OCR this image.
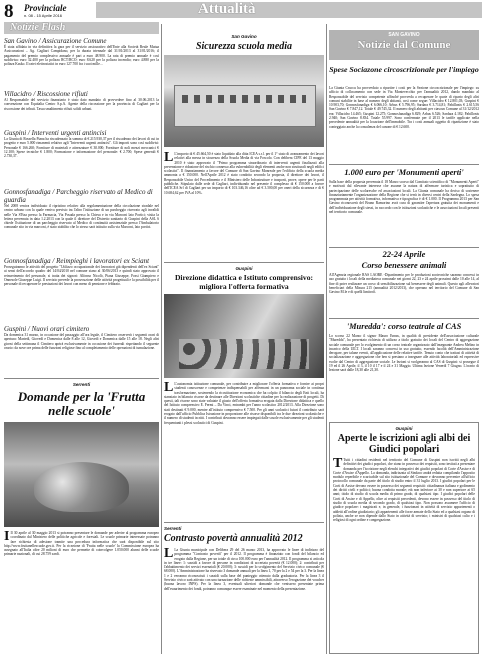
8 Provinciale
n. 08 - 15 Aprile 2016	Attualità
Notizie Flash
San Gavino / Assicurazione Comune
È stata affidata in via definitiva la gara per il servizio assicurativo dell'Ente alla Società Reale Mutua Assicurazioni – Ag. Cagliari Campidano, per la durata triennale dal 31/01/2013 al 31/01/2016; il pagamento del premio complessivo annuale è pari a euro 48.900. La rata di premio annuale è così suddivisa: euro 32.400 per la polizza RCT/RCO; euro 8.620 per la polizza incendio; euro 4.880 per la polizza Kasko. Il ratei elettrostatici in euro 127.700 fra i suoi mille...
Villacidro / Riscossione rifiuti
Al Responsabile del servizio finanziario è stato dato mandato di provvedere fino al 30.06.2013 la convenzione con Equitalia Centro S.p.A. Agente della riscossione per la provincia di Cagliari per la riscossione dei tributi. Tassa smaltimento rifiuti solidi urbani.
Guspini / Interventi urgenti antincisi
La Giunta di Rossella Piana ha riscadenzato la somma di € 215.930,37 per il riscadenzo dei lavori di cui in progetto e euro 5.000 rimanenti relativo agli "Interventi urgenti antincisi". Gli importi sono così suddivisi: Personale € 166.260; Forniture di materiali e attrezzature € 30.000; Forniture di noli mezzi meccanici € 12.100; Spese tecniche € 1.800; Formazione e informazione del personale: € 2.700; Spese generali € 2.730,37.
Gonnosfanadiga / Parcheggio riservato al Medico di guardia
Nel 2008 veniva individuato il ripristino relativo alla regolamentazione della circolazione stradale nel centro urbano con la quale veniva previsto tra l'altro l'istituzione di un parcheggio riservato agli invalidi nelle Via S'Ena presso la Farmacia, Via Posada presso la Chiesa e in via Marconi lato Portici; visita la lettera pervenuta in data 1.2.2013 con la quale il direttore del Distretto sanitario di Guspini della ASL 6 chiede l'istituzione di un parcheggio riservato al Medico di continuità assistenziale presso l'Ambulatorio comunale sito in via marconi, è stato stabilito che lo stesso sarà istituito sulla via Marconi, lato portici.
Gonnosfanadiga / Reimpieghi i lavoratori ex Sciant
Proseguiranno le attività del progetto "Utilizzo occupazionale dei lavoratori già dipendenti dell'ex Sciant" ai sensi dell'accordo quadro del 14/04/2010 nel comune siano al 30/06/2013 e quindi stato approvato il reinserimento del personale, si tratta dei signori: Alfonso Nicolò, Piana Giuseppe, Fossi Giampiero e Onnesole Giuseppe Luigi. Il servizio prevede la prosecuzione delle attività progettuali e la possibilità per il personale di recuperare le prestazioni dei lavori con meno di pensione e febbraio.
Guspini / Nuovi orari cimitero
Da domenica 31 marzo, in occasione del passaggio all'ora legale, il Cimitero osserverà i seguenti orari di apertura: Martedì, Giovedì e Domenica dalle 8 alle 12, Giovedì e Domenica dalle 15 alle 18. Negli altri giorni della settimana il Cimitero aprirà esclusivamente in occasione dei funerali rispettando il seguente orario: da nove ore prima delle funzioni religiose fino al completamento delle operazioni di tumulazione.
Serrenti
Domande per la 'Frutta nelle scuole'
I Il 30 aprile al 30 maggio 2013 si potranno presentare le domande per aderire al programma europeo coordinato dal Ministero delle politiche agricole e forestali. Le scuole primarie interessate potranno fare richiesta di adesione tramite una procedura informatica che sarà disponibile sul sito http://www.fruttanellescuole.gov.it. Per la ricezione di 'Frutta nelle scuole' la Commissione europea ha assegnato all'Italia oltre 20 milioni di euro che permette di coinvolgere 1.050.000 alunni delle scuole primarie nazionali, di cui 28.759 sardi.
San Gavino
Sicurezza scuola media
L L'importo di € 45.664,50 è stato liquidato alla ditta ICEA s.r.l. per il 1° stato di avanzamento dei lavori relativi alla messa in sicurezza della Scuola Media di via Foscolo. Con delibera CIPE del 13 maggio 2010 è stato approvato il "Primo programma straordinario di interventi urgenti finalizzati alla prevenzione e riduzione del rischio connesso alla vulnerabilità degli elementi anche non strutturali negli edifici scolastici". Il finanziamento a favore del Comune di San Gavino Monreale per l'edificio della scuola media ammonta a € 150.000. Nell'Aprile 2012 è stato condotto secondo la proposta, il direttore dei lavori, il Responsabile Unico del Procedimento e il Ministero delle Infrastrutture e trasporti, prove, opere per le parti pubbliche. Stipulato dalle sede di Cagliari, individuando nel presente il complesso di € 150.000 a favore dell'ICEA Srl di Cagliari per un importo di € 103.346,16 oltre ad € 3.500,00 per oneri della sicurezza e di € 10.684,62 per IVA al 10%.
Guspini
Direzione didattica e Istituto comprensivo: migliora l'offerta formativa
L L'autonomia istituzione comunale, per contribuire a migliorare l'offerta formativa e fornire ai propri studenti conoscenze e competenze indispensabili per affermarsi in un panorama sociale in continua trasformazione, sostenendo la ricostituzione economica che ha colpito il bilancio degli Enti locali, ha stanziato in bilancio risorse da destinare alle Direzioni scolastiche cittadine per la realizzazione di progetti. Di questi, tali risorse sono state valutate il giusto dell'offerta formativa erogata dalla Direzione didattica e quello del Istituto comprensivo E. Fermi – Da Vinci, entrambi per l'anno scolastico 2012/2013. Alla Direzione sono stati destinati € 9.000, mentre all'istituto comprensivo € 7.500. Per gli anni scolastici futuri il contributo sarà erogato dall'ufficio Pubblica Istruzione in proporzione alle risorse disponibili tra le due direzioni scolastiche e il numero di studenti iscritti. I contributi dovranno essere impiegati dalle scuole esclusivamente per gli studenti frequentanti i plessi scolastici di Guspini.
Serrenti
Contrasto povertà annualità 2012
L La Giunta municipale con Delibera 29 del 26 marzo 2013, ha approvato le linee di indirizzo del programma "Contrasto povertà" per il 2012. Il programma è finanziato con fondi del bilancio ed erogato dalla Regione, per un totale di circa 100.000 euro per l'annualità 2012. Il programma si articola in tre linee: 1: sussidi a favore di persone in condizioni di accertata povertà (€ 12.000); 2: contributi per l'abbattimento dei servizi essenziali (€ 20.000); 3: sussidi per lo svolgimento del Servizio civico comunale (€ 68.000). L'Amministrazione ha riservato 3 domande annuali per la linea 1, 70 per la 2 e 54 per la 3. Per la linea 1 e 2 verranno riconosciuti i sussidi sulla base del punteggio ottenuto dalla graduatoria. Per la linea 3 il Servizio civico sarà attivato con una turnazione delle richieste ammissibili, attraverso l'erogazione dei voucher (buona lavoro INPS). Per la linea 3, eventuali ulteriori domande che venissero presentate prima dell'esaurimento dei fondi, potranno comunque essere esaminate nel momento della presentazione.
SAN GAVINO
Notizie dal Comune
Spese Sociazone circoscrizionale per l'impiego
La Giunta Cruccu ha provveduto a ripartire i costi per la Sezione circoscrizionale per l'impiego: su ufficio di collocamento con sede in Via Montevecchio per l'annualità 2012, dando mandato al Responsabile del servizio competente affinché provveda a recuperare le quote di riparto degli altri comuni stabilite in base al numero degli abitanti, così come segue: Villacidro € 12.801,03; Guspini € 10.903,70; Gonnosfanadiga € 6.066,10; Arbus € 5.796,95; Sardara € 3.714,81; Pabillonis € 2.615,56 San Gavino € 7.847,12. Totale € 49.745,32. Il numero degli abitanti per ciascun Comune al 31/12/2012 era: Villacidro 14.465; Guspini 12.275; Gonnosfanadiga 6.829; Arbus 6.526; Sardara 4.182; Pabillonis 2.940; San Gavino 8.834. Totale 55.997. Sono confermate per il 2013 le tariffe applicate nella precedente annualità per la locazione dell'immobile. Tra i costi annuali oggetto di ripartizione è stato conteggiato anche la consulenza del canone di € 12.600.
1.000 euro per 'Monumenti aperti'
Sulla base della proposta pervenuta il 18 Marzo scorso dal Comitato scientifico di "Monumenti Aperti" e motivati dal rilevante interesse che assume la natura di affermare turistica e soprattutto di partecipazione delle scolaresche ed associazioni locali. La Giunta comunale ha deciso di sostenere finanziariamente l'organizzazione della Regione che si terrà in diversi centri della Sardegna. Lo spesa programmata per attività formativa, informativa e tipografica è di € 1.000. Il Programma 2013 per San Gavino riconoscerà del Bruno Ramorino avrà cura di garantire l'apertura gratuita dei monumenti e dell'individuazione degli stessi, in raccordo con le istituzioni scolastiche e le associazioni locali presenti nel territorio comunale.
22-24 Aprile
Corso benessere animali
All'Agenzia regionale RAS LAORE -Dipartimento per le produzioni zootecniche saranno concessi in uso gratuito i locali della mediateca comunale nei giorni 22, 23 e 24 aprile prossimi dalle 10 alle 14, al fine di poter realizzare un corso di sensibilizzazione sul benessere degli animali. Questo agli allevatori beneficiari della Misura 215 (annualità 2012/2013), che operano nel territorio del Comune di San Gavino M.le e di quelli limitrofi.
'Muredda': corso teatrale al CAS
Lo scorso 22 Marzo il signor Mauro Ennas, in qualità di presidente dell'associazione culturale "Muredda", ha presentato richiesta di utilizzo a titolo gratuito dei locali del Centro di aggregazione sociale comunale per lo svolgimento di un corso teatrale organizzato dall'insegnante Andrea Melino in incarico della UILT. I locali saranno concessi in uso gratuito, essendo facoltà dell'Amministrazione derogare, per talune eventi, all'applicazione delle relative tariffe. Tenuto conto che trattasi di attività di socializzazione e aggregazione che ben si prestano a insegnare alle attività laboratoriali ed espressive svolte dal Centro di aggregazione sociale. Le lezioni si svolgeranno al CAS di Guspini: si prosegue il 19 ed il 26 Aprile, il 3, il 10 il 17 e il 24 e 31 Maggio. Ultima lezione Venerdì 7 Giugno. L'orario di lezione sarà dalle 18,30 alle 21,30.
Guspini
Aperte le iscrizioni agli albi dei Giudici popolari
T Tutti i cittadini residenti nel territorio del Comune di Guspini non iscritti negli albi definitivi dei giudici popolari, che siano in possesso dei requisiti, sono invitati a presentare domanda per l'iscrizione negli elenchi integrativi dei giudici popolari di Corte d'Assise e di Corte d'Assise d'Appello. La domanda, indirizzata al Sindaco andrà redatta compilando l'apposito modulo reperibile e scaricabile sul sito istituzionale del Comune e dovranno pervenire all'ufficio protocollo comunale da parte del titolo di studio entro il 31 luglio 2013. I giudici popolari per le Corti di Assise devono essere in possesso dei seguenti requisiti: cittadinanza italiana e godimento dei diritti civili e politici; buona condotta morale; età non inferiore ai 30 e non superiore ai 65 anni; titolo di studio di scuola media di primo grado, di qualsiasi tipo. I giudici popolari delle Corti di Assise e di Appello, oltre ai requisiti precedenti, devono essere in possesso del titolo di studio di scuola media di secondo grado, di qualsiasi tipo. Non possono assumere l'ufficio di giudice popolare: i magistrati e, in generale, i funzionari in attività di servizio appartenenti o addetti all'ordine giudiziario; gli appartenenti alle forze armate dello Stato ed a qualsiasi organo di polizia, anche se non dipende dallo Stato in attività di servizio; i ministri di qualsiasi culto e i religiosi di ogni ordine e congregazione.
